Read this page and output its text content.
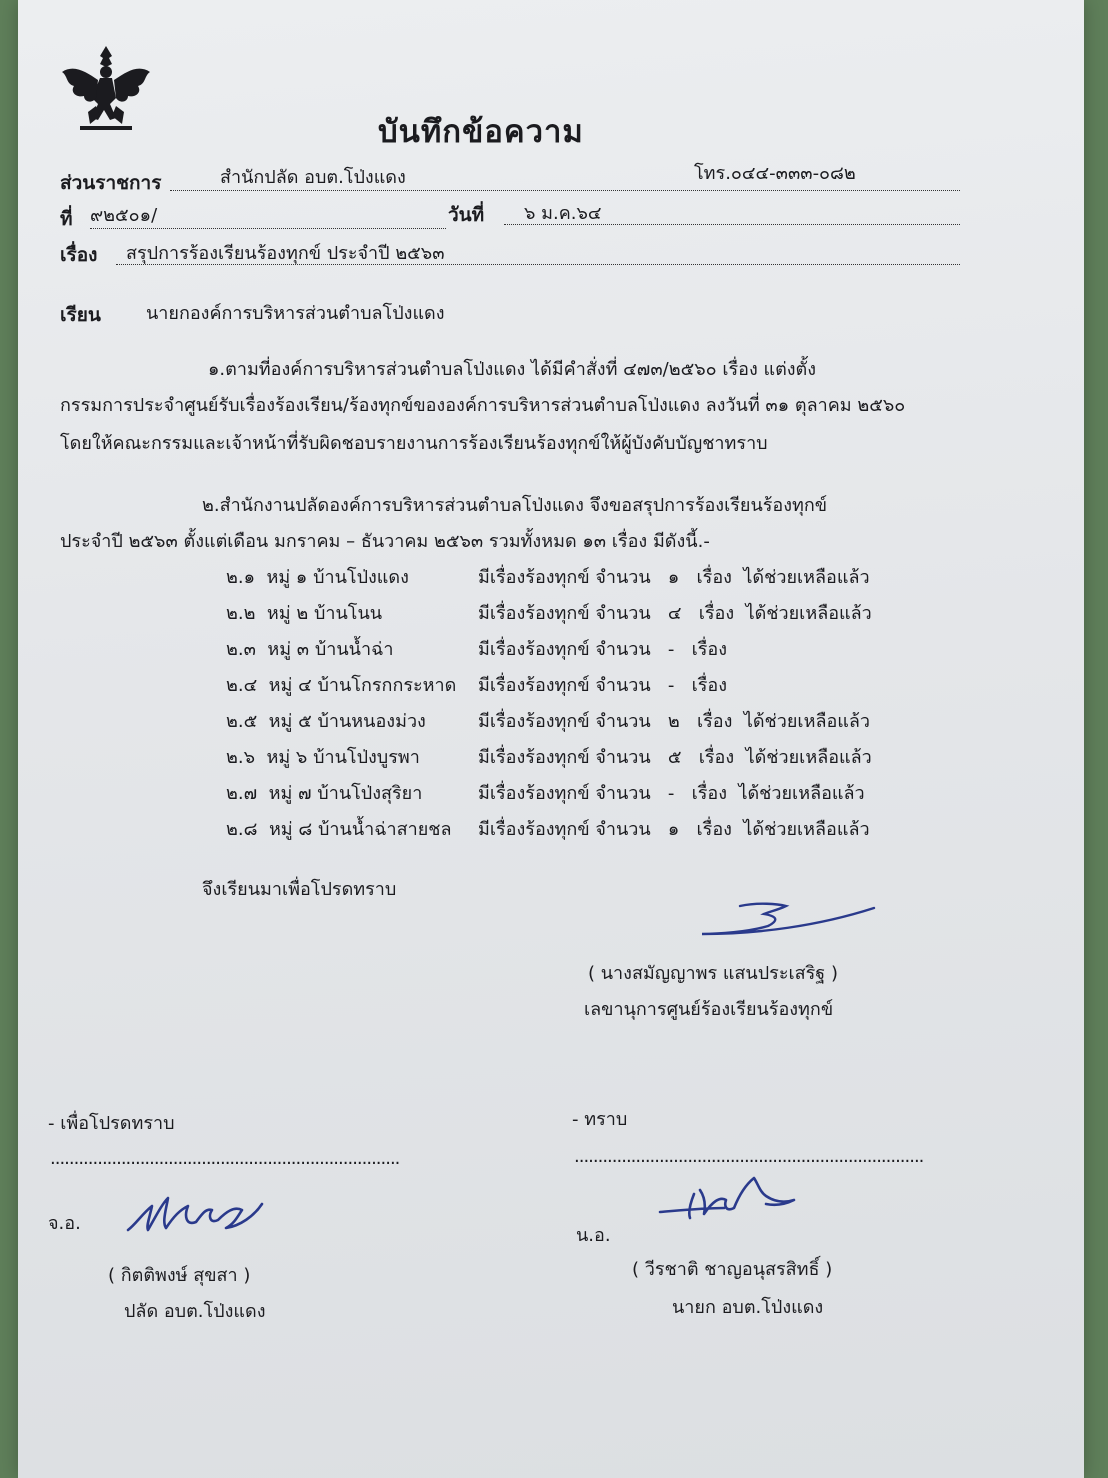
บันทึกข้อความ
ส่วนราชการ	สำนักปลัด อบต.โป่งแดง	โทร.๐๔๔-๓๓๓-๐๘๒
ที่ ๙๒๕๐๑/	วันที่ ๖ ม.ค.๖๔
เรื่อง สรุปการร้องเรียนร้องทุกข์ ประจำปี ๒๕๖๓
เรียน	นายกองค์การบริหารส่วนตำบลโป่งแดง
๑.ตามที่องค์การบริหารส่วนตำบลโป่งแดง ได้มีคำสั่งที่ ๔๗๓/๒๕๖๐ เรื่อง แต่งตั้ง
กรรมการประจำศูนย์รับเรื่องร้องเรียน/ร้องทุกข์ขององค์การบริหารส่วนตำบลโป่งแดง ลงวันที่ ๓๑ ตุลาคม ๒๕๖๐
โดยให้คณะกรรมและเจ้าหน้าที่รับผิดชอบรายงานการร้องเรียนร้องทุกข์ให้ผู้บังคับบัญชาทราบ
๒.สำนักงานปลัดองค์การบริหารส่วนตำบลโป่งแดง จึงขอสรุปการร้องเรียนร้องทุกข์
ประจำปี ๒๕๖๓ ตั้งแต่เดือน มกราคม – ธันวาคม ๒๕๖๓ รวมทั้งหมด ๑๓ เรื่อง มีดังนี้.-
๒.๑ หมู่ ๑ บ้านโป่งแดง	มีเรื่องร้องทุกข์ จำนวน ๑ เรื่อง ได้ช่วยเหลือแล้ว
๒.๒ หมู่ ๒ บ้านโนน	มีเรื่องร้องทุกข์ จำนวน ๔ เรื่อง ได้ช่วยเหลือแล้ว
๒.๓ หมู่ ๓ บ้านน้ำฉ่า	มีเรื่องร้องทุกข์ จำนวน - เรื่อง
๒.๔ หมู่ ๔ บ้านโกรกกระหาด มีเรื่องร้องทุกข์ จำนวน - เรื่อง
๒.๕ หมู่ ๕ บ้านหนองม่วง	มีเรื่องร้องทุกข์ จำนวน ๒ เรื่อง ได้ช่วยเหลือแล้ว
๒.๖ หมู่ ๖ บ้านโป่งบูรพา	มีเรื่องร้องทุกข์ จำนวน ๕ เรื่อง ได้ช่วยเหลือแล้ว
๒.๗ หมู่ ๗ บ้านโป่งสุริยา	มีเรื่องร้องทุกข์ จำนวน - เรื่อง ได้ช่วยเหลือแล้ว
๒.๘ หมู่ ๘ บ้านน้ำฉ่าสายชล มีเรื่องร้องทุกข์ จำนวน ๑ เรื่อง ได้ช่วยเหลือแล้ว
จึงเรียนมาเพื่อโปรดทราบ
( นางสมัญญาพร แสนประเสริฐ )
เลขานุการศูนย์ร้องเรียนร้องทุกข์
- เพื่อโปรดทราบ
..........................................................................
จ.อ.
( กิตติพงษ์ สุขสา )
ปลัด อบต.โป่งแดง
- ทราบ
..........................................................................
น.อ.
( วีรชาติ ชาญอนุสรสิทธิ์ )
นายก อบต.โป่งแดง
